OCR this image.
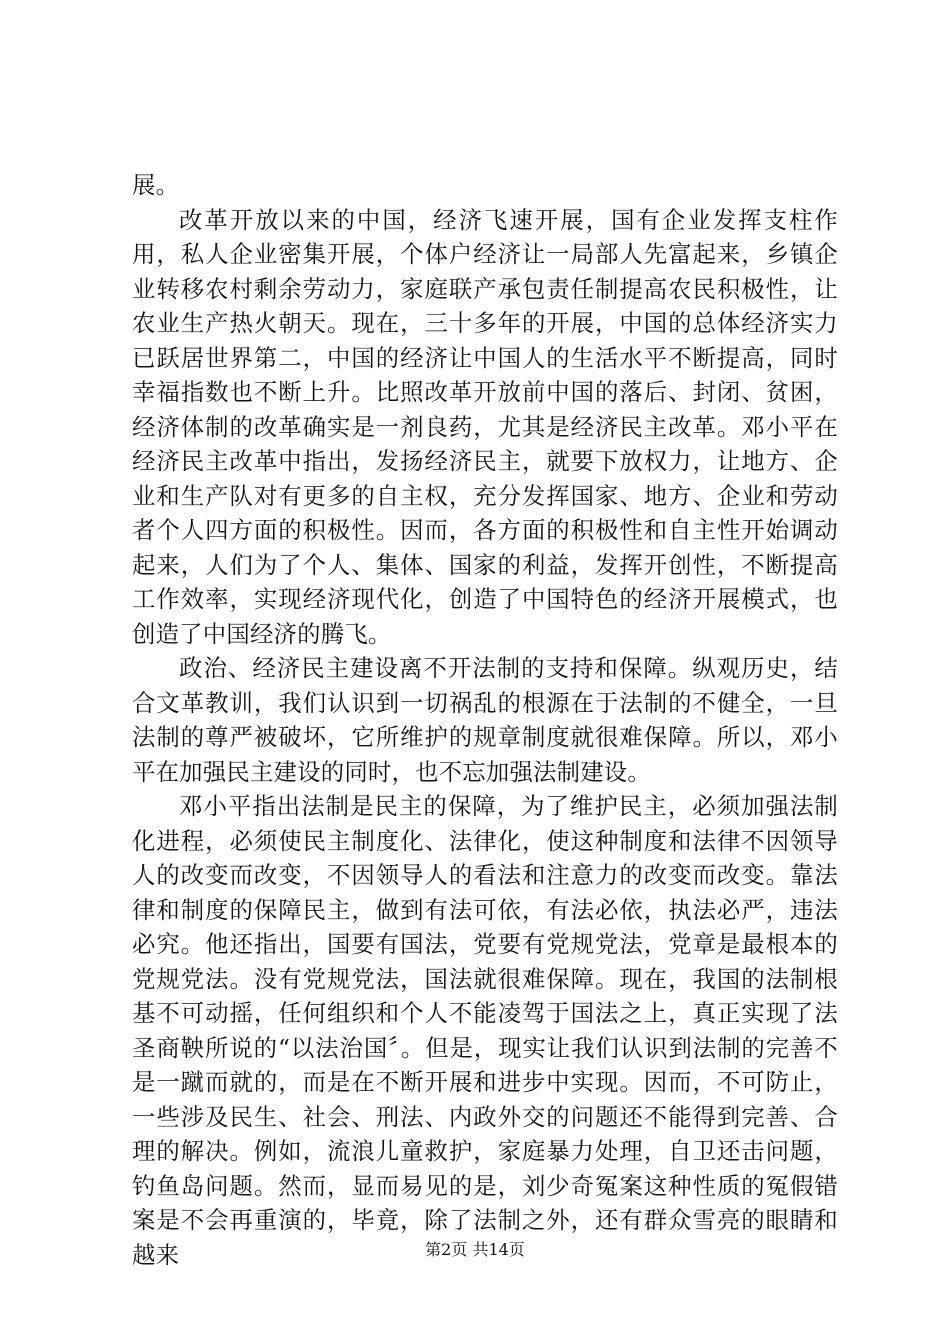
展。

改革开放以来的中国，经济飞速开展，国有企业发挥支柱作用，私人企业密集开展，个体户经济让一局部人先富起来，乡镇企业转移农村剩余劳动力，家庭联产承包责任制提高农民积极性，让农业生产热火朝天。现在，三十多年的开展，中国的总体经济实力已跃居世界第二，中国的经济让中国人的生活水平不断提高，同时幸福指数也不断上升。比照改革开放前中国的落后、封闭、贫困，经济体制的改革确实是一剂良药，尤其是经济民主改革。邓小平在经济民主改革中指出，发扬经济民主，就要下放权力，让地方、企业和生产队对有更多的自主权，充分发挥国家、地方、企业和劳动者个人四方面的积极性。因而，各方面的积极性和自主性开始调动起来，人们为了个人、集体、国家的利益，发挥开创性，不断提高工作效率，实现经济现代化，创造了中国特色的经济开展模式，也创造了中国经济的腾飞。

政治、经济民主建设离不开法制的支持和保障。纵观历史，结合文革教训，我们认识到一切祸乱的根源在于法制的不健全，一旦法制的尊严被破坏，它所维护的规章制度就很难保障。所以，邓小平在加强民主建设的同时，也不忘加强法制建设。

邓小平指出法制是民主的保障，为了维护民主，必须加强法制化进程，必须使民主制度化、法律化，使这种制度和法律不因领导人的改变而改变，不因领导人的看法和注意力的改变而改变。靠法律和制度的保障民主，做到有法可依，有法必依，执法必严，违法必究。他还指出，国要有国法，党要有党规党法，党章是最根本的党规党法。没有党规党法，国法就很难保障。现在，我国的法制根基不可动摇，任何组织和个人不能凌驾于国法之上，真正实现了法圣商鞅所说的“以法治国〞。但是，现实让我们认识到法制的完善不是一蹴而就的，而是在不断开展和进步中实现。因而，不可防止，一些涉及民生、社会、刑法、内政外交的问题还不能得到完善、合理的解决。例如，流浪儿童救护，家庭暴力处理，自卫还击问题，钓鱼岛问题。然而，显而易见的是，刘少奇冤案这种性质的冤假错案是不会再重演的，毕竟，除了法制之外，还有群众雪亮的眼睛和越来	第2页 共14页
